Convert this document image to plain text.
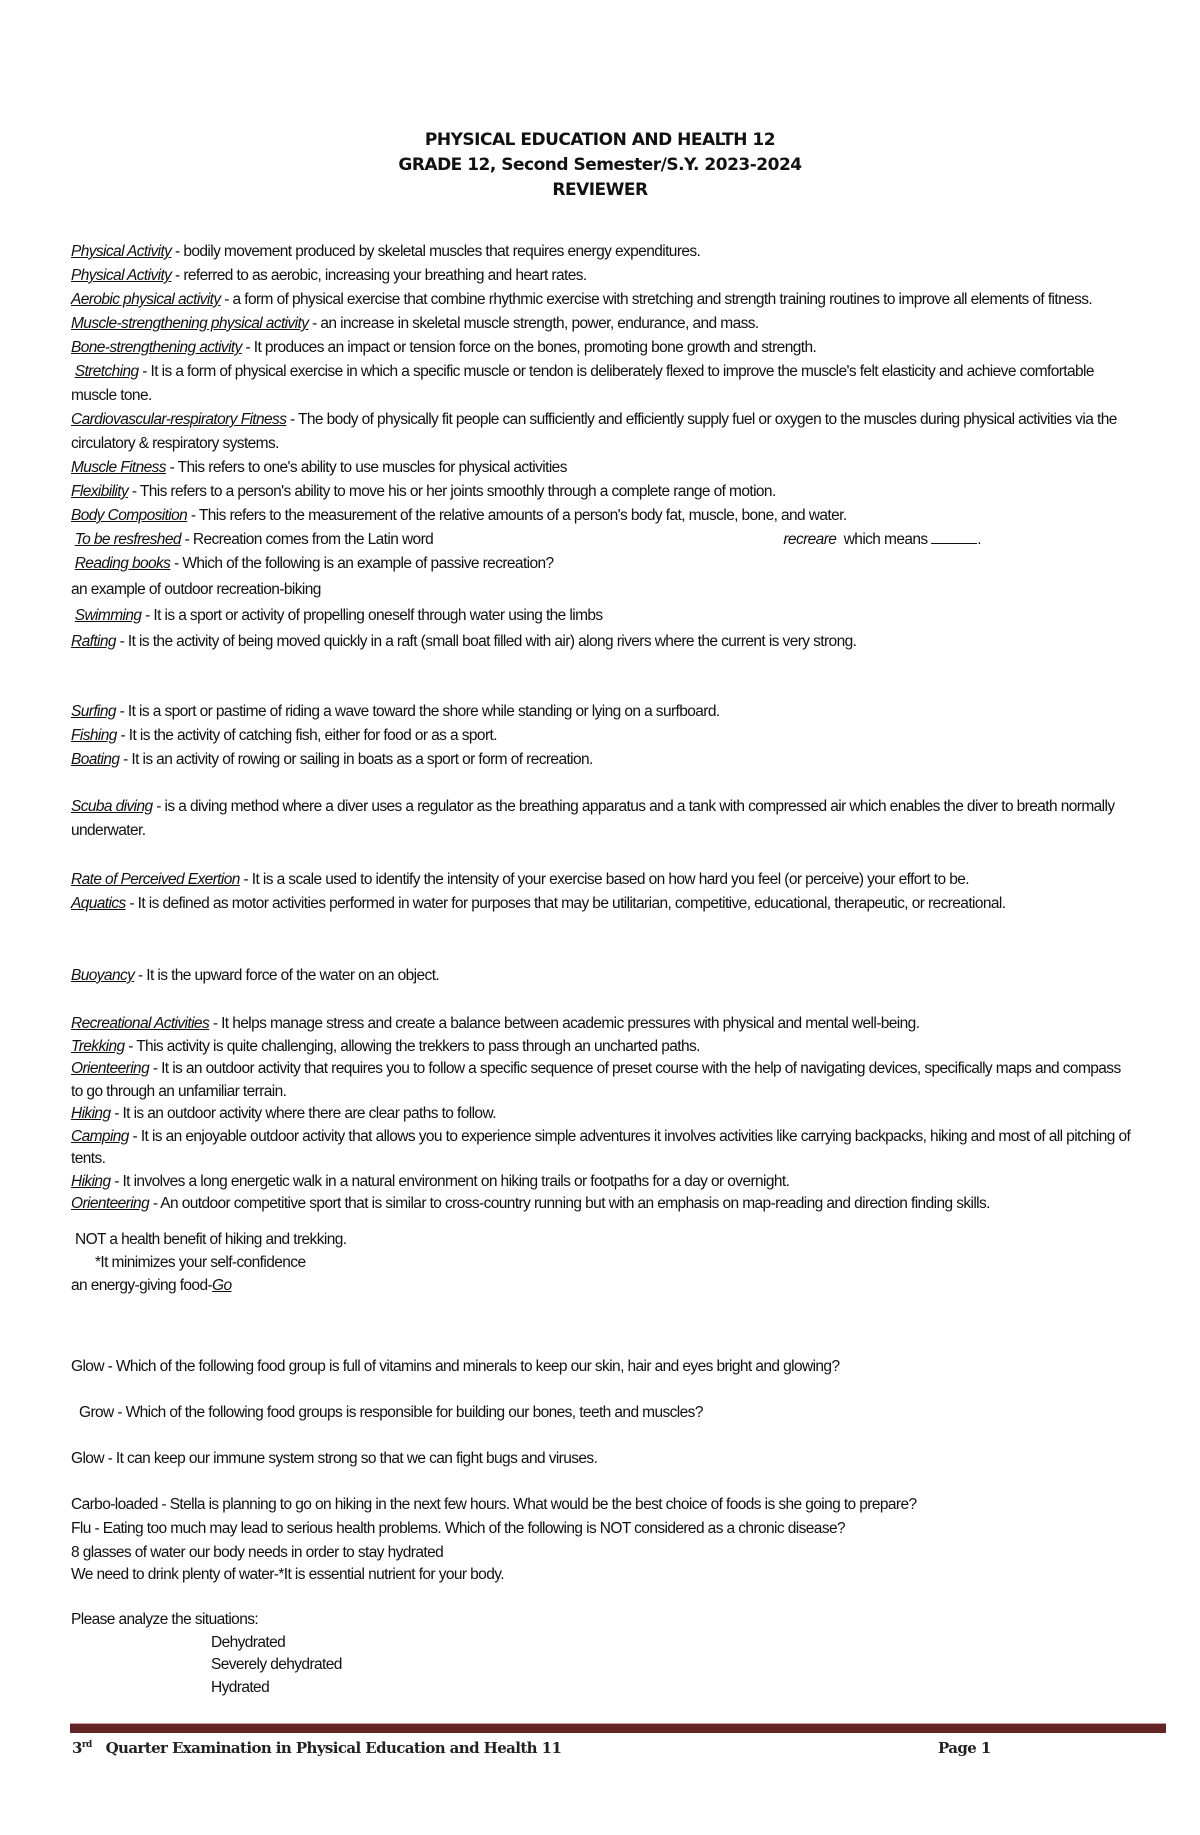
PHYSICAL EDUCATION AND HEALTH 12
GRADE 12, Second Semester/S.Y. 2023-2024
REVIEWER
Physical Activity - bodily movement produced by skeletal muscles that requires energy expenditures.
Physical Activity - referred to as aerobic, increasing your breathing and heart rates.
Aerobic physical activity - a form of physical exercise that combine rhythmic exercise with stretching and strength training routines to improve all elements of fitness.
Muscle-strengthening physical activity - an increase in skeletal muscle strength, power, endurance, and mass.
Bone-strengthening activity - It produces an impact or tension force on the bones, promoting bone growth and strength.
Stretching - It is a form of physical exercise in which a specific muscle or tendon is deliberately flexed to improve the muscle's felt elasticity and achieve comfortable muscle tone.
Cardiovascular-respiratory Fitness - The body of physically fit people can sufficiently and efficiently supply fuel or oxygen to the muscles during physical activities via the circulatory & respiratory systems.
Muscle Fitness - This refers to one's ability to use muscles for physical activities
Flexibility - This refers to a person's ability to move his or her joints smoothly through a complete range of motion.
Body Composition - This refers to the measurement of the relative amounts of a person's body fat, muscle, bone, and water.
To be resfreshed - Recreation comes from the Latin word	recreare which means	.
Reading books - Which of the following is an example of passive recreation?
an example of outdoor recreation-biking
Swimming - It is a sport or activity of propelling oneself through water using the limbs
Rafting - It is the activity of being moved quickly in a raft (small boat filled with air) along rivers where the current is very strong.
Surfing - It is a sport or pastime of riding a wave toward the shore while standing or lying on a surfboard.
Fishing - It is the activity of catching fish, either for food or as a sport.
Boating - It is an activity of rowing or sailing in boats as a sport or form of recreation.
Scuba diving - is a diving method where a diver uses a regulator as the breathing apparatus and a tank with compressed air which enables the diver to breath normally underwater.
Rate of Perceived Exertion - It is a scale used to identify the intensity of your exercise based on how hard you feel (or perceive) your effort to be.
Aquatics - It is defined as motor activities performed in water for purposes that may be utilitarian, competitive, educational, therapeutic, or recreational.
Buoyancy - It is the upward force of the water on an object.
Recreational Activities - It helps manage stress and create a balance between academic pressures with physical and mental well-being.
Trekking - This activity is quite challenging, allowing the trekkers to pass through an uncharted paths.
Orienteering - It is an outdoor activity that requires you to follow a specific sequence of preset course with the help of navigating devices, specifically maps and compass to go through an unfamiliar terrain.
Hiking - It is an outdoor activity where there are clear paths to follow.
Camping - It is an enjoyable outdoor activity that allows you to experience simple adventures it involves activities like carrying backpacks, hiking and most of all pitching of tents.
Hiking - It involves a long energetic walk in a natural environment on hiking trails or footpaths for a day or overnight.
Orienteering - An outdoor competitive sport that is similar to cross-country running but with an emphasis on map-reading and direction finding skills.
NOT a health benefit of hiking and trekking.
*It minimizes your self-confidence
an energy-giving food-Go
Glow - Which of the following food group is full of vitamins and minerals to keep our skin, hair and eyes bright and glowing?
Grow - Which of the following food groups is responsible for building our bones, teeth and muscles?
Glow - It can keep our immune system strong so that we can fight bugs and viruses.
Carbo-loaded - Stella is planning to go on hiking in the next few hours. What would be the best choice of foods is she going to prepare?
Flu - Eating too much may lead to serious health problems. Which of the following is NOT considered as a chronic disease?
8 glasses of water our body needs in order to stay hydrated
We need to drink plenty of water-*It is essential nutrient for your body.
Please analyze the situations:
Dehydrated
Severely dehydrated
Hydrated
3rd Quarter Examination in Physical Education and Health 11	Page 1
